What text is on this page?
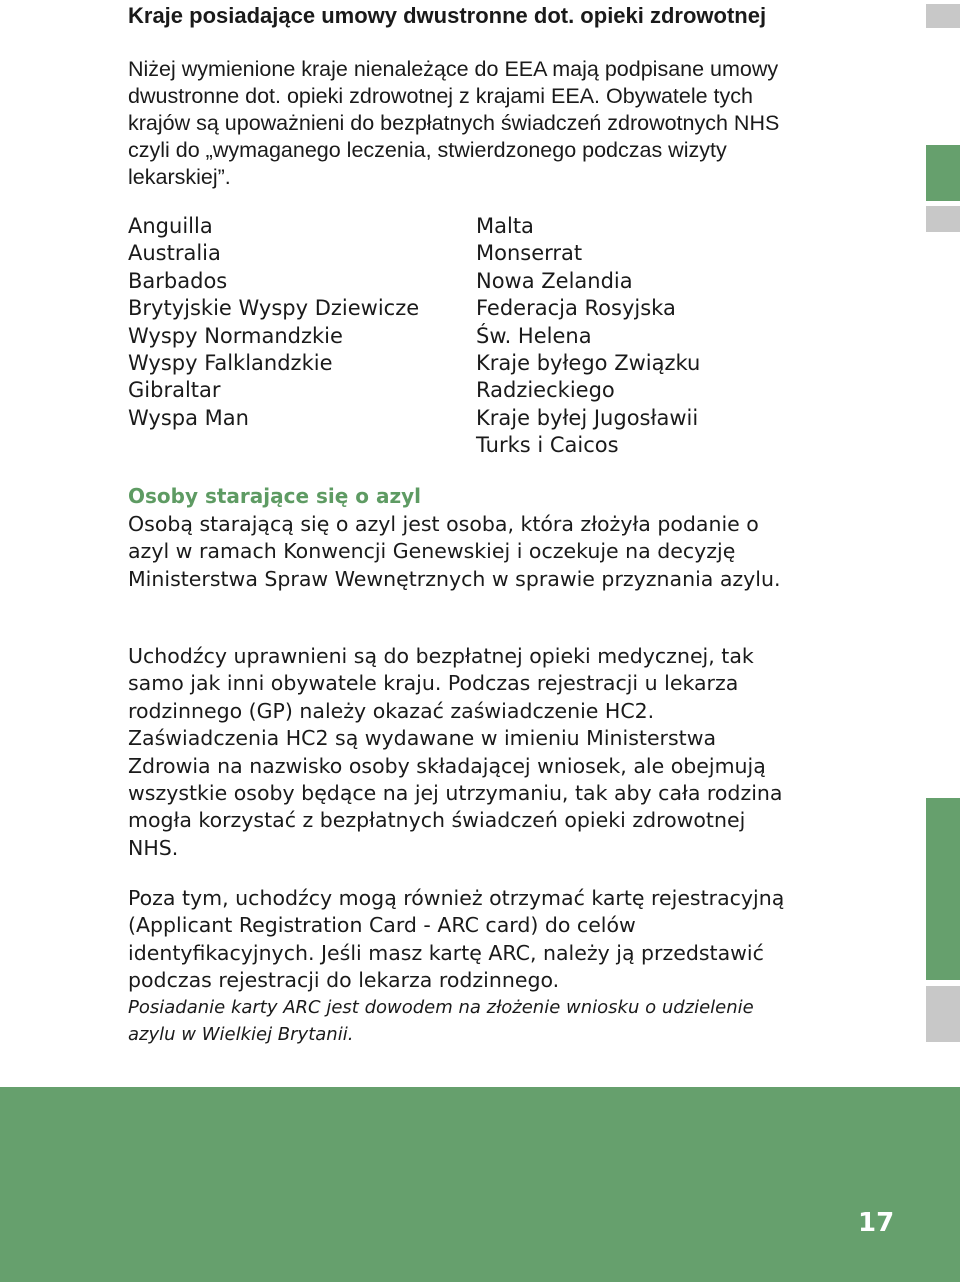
Kraje posiadające umowy dwustronne dot. opieki zdrowotnej

Niżej wymienione kraje nienależące do EEA mają podpisane umowy dwustronne dot. opieki zdrowotnej z krajami EEA. Obywatele tych krajów są upoważnieni do bezpłatnych świadczeń zdrowotnych NHS czyli do „wymaganego leczenia, stwierdzonego podczas wizyty lekarskiej”.

Anguilla
Australia
Barbados
Brytyjskie Wyspy Dziewicze
Wyspy Normandzkie
Wyspy Falklandzkie
Gibraltar
Wyspa Man
Malta
Monserrat
Nowa Zelandia
Federacja Rosyjska
Św. Helena
Kraje byłego Związku
Radzieckiego
Kraje byłej Jugosławii
Turks i Caicos
Osoby starające się o azyl

Osobą starającą się o azyl jest osoba, która złożyła podanie o azyl w ramach Konwencji Genewskiej i oczekuje na decyzję Ministerstwa Spraw Wewnętrznych w sprawie przyznania azylu.

Uchodźcy uprawnieni są do bezpłatnej opieki medycznej, tak samo jak inni obywatele kraju. Podczas rejestracji u lekarza rodzinnego (GP) należy okazać zaświadczenie HC2. Zaświadczenia HC2 są wydawane w imieniu Ministerstwa Zdrowia na nazwisko osoby składającej wniosek, ale obejmują wszystkie osoby będące na jej utrzymaniu, tak aby cała rodzina mogła korzystać z bezpłatnych świadczeń opieki zdrowotnej NHS.

Poza tym, uchodźcy mogą również otrzymać kartę rejestracyjną (Applicant Registration Card - ARC card) do celów identyfikacyjnych. Jeśli masz kartę ARC, należy ją przedstawić podczas rejestracji do lekarza rodzinnego.

Posiadanie karty ARC jest dowodem na złożenie wniosku o udzielenie azylu w Wielkiej Brytanii.

17
